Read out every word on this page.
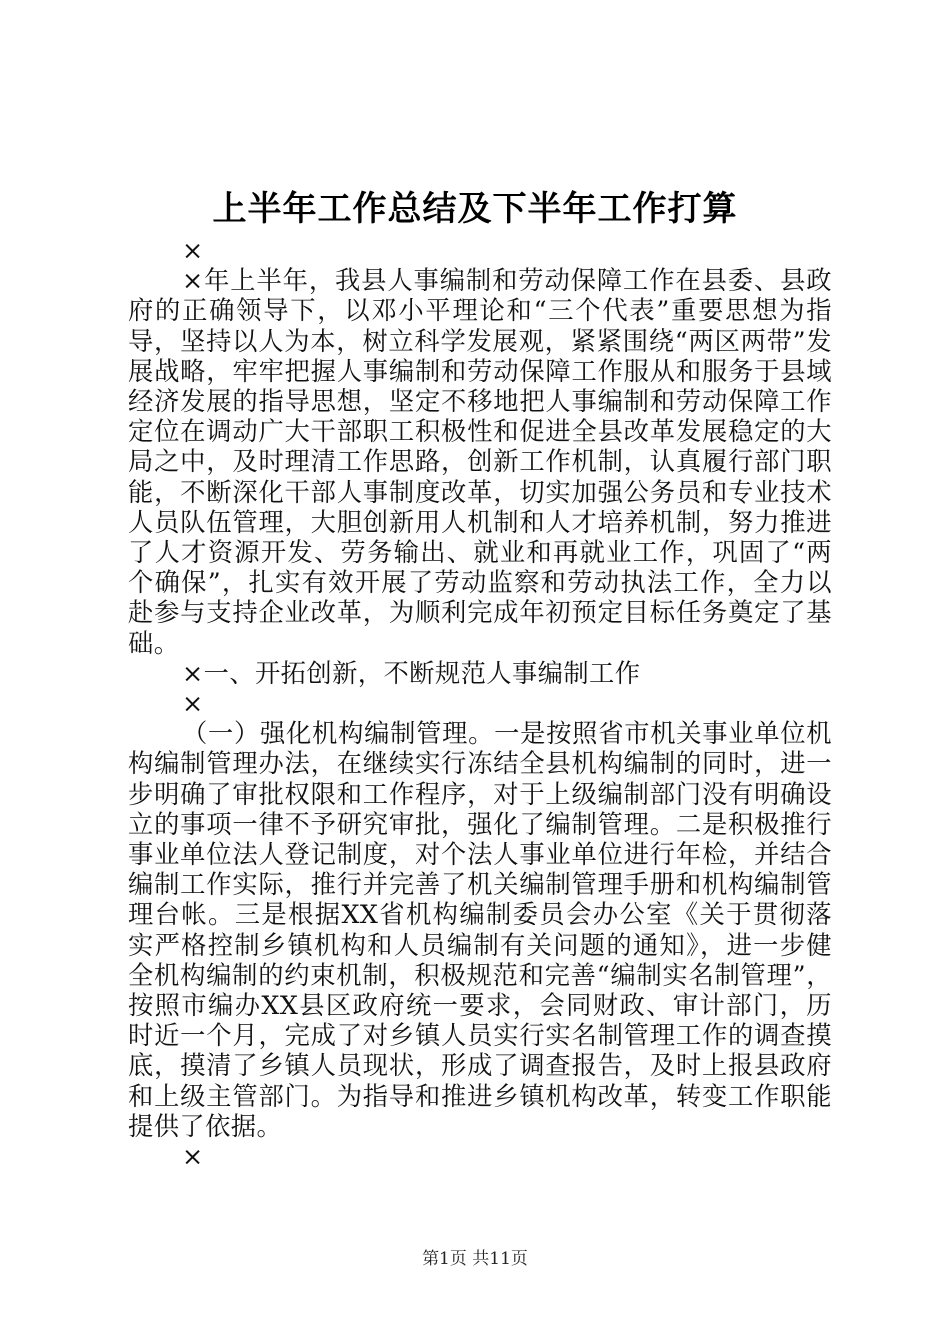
上半年工作总结及下半年工作打算

×

×年上半年，我县人事编制和劳动保障工作在县委、县政府的正确领导下，以邓小平理论和“三个代表”重要思想为指导，坚持以人为本，树立科学发展观，紧紧围绕“两区两带”发展战略，牢牢把握人事编制和劳动保障工作服从和服务于县域经济发展的指导思想，坚定不移地把人事编制和劳动保障工作定位在调动广大干部职工积极性和促进全县改革发展稳定的大局之中，及时理清工作思路，创新工作机制，认真履行部门职能，不断深化干部人事制度改革，切实加强公务员和专业技术人员队伍管理，大胆创新用人机制和人才培养机制，努力推进了人才资源开发、劳务输出、就业和再就业工作，巩固了“两个确保”，扎实有效开展了劳动监察和劳动执法工作，全力以赴参与支持企业改革，为顺利完成年初预定目标任务奠定了基础。

×一、开拓创新，不断规范人事编制工作

×

（一）强化机构编制管理。一是按照省市机关事业单位机构编制管理办法，在继续实行冻结全县机构编制的同时，进一步明确了审批权限和工作程序，对于上级编制部门没有明确设立的事项一律不予研究审批，强化了编制管理。二是积极推行事业单位法人登记制度，对个法人事业单位进行年检，并结合编制工作实际，推行并完善了机关编制管理手册和机构编制管理台帐。三是根据XX省机构编制委员会办公室《关于贯彻落实严格控制乡镇机构和人员编制有关问题的通知》，进一步健全机构编制的约束机制，积极规范和完善“编制实名制管理”，按照市编办XX县区政府统一要求，会同财政、审计部门，历时近一个月，完成了对乡镇人员实行实名制管理工作的调查摸底，摸清了乡镇人员现状，形成了调查报告，及时上报县政府和上级主管部门。为指导和推进乡镇机构改革，转变工作职能提供了依据。

×

第1页 共11页
